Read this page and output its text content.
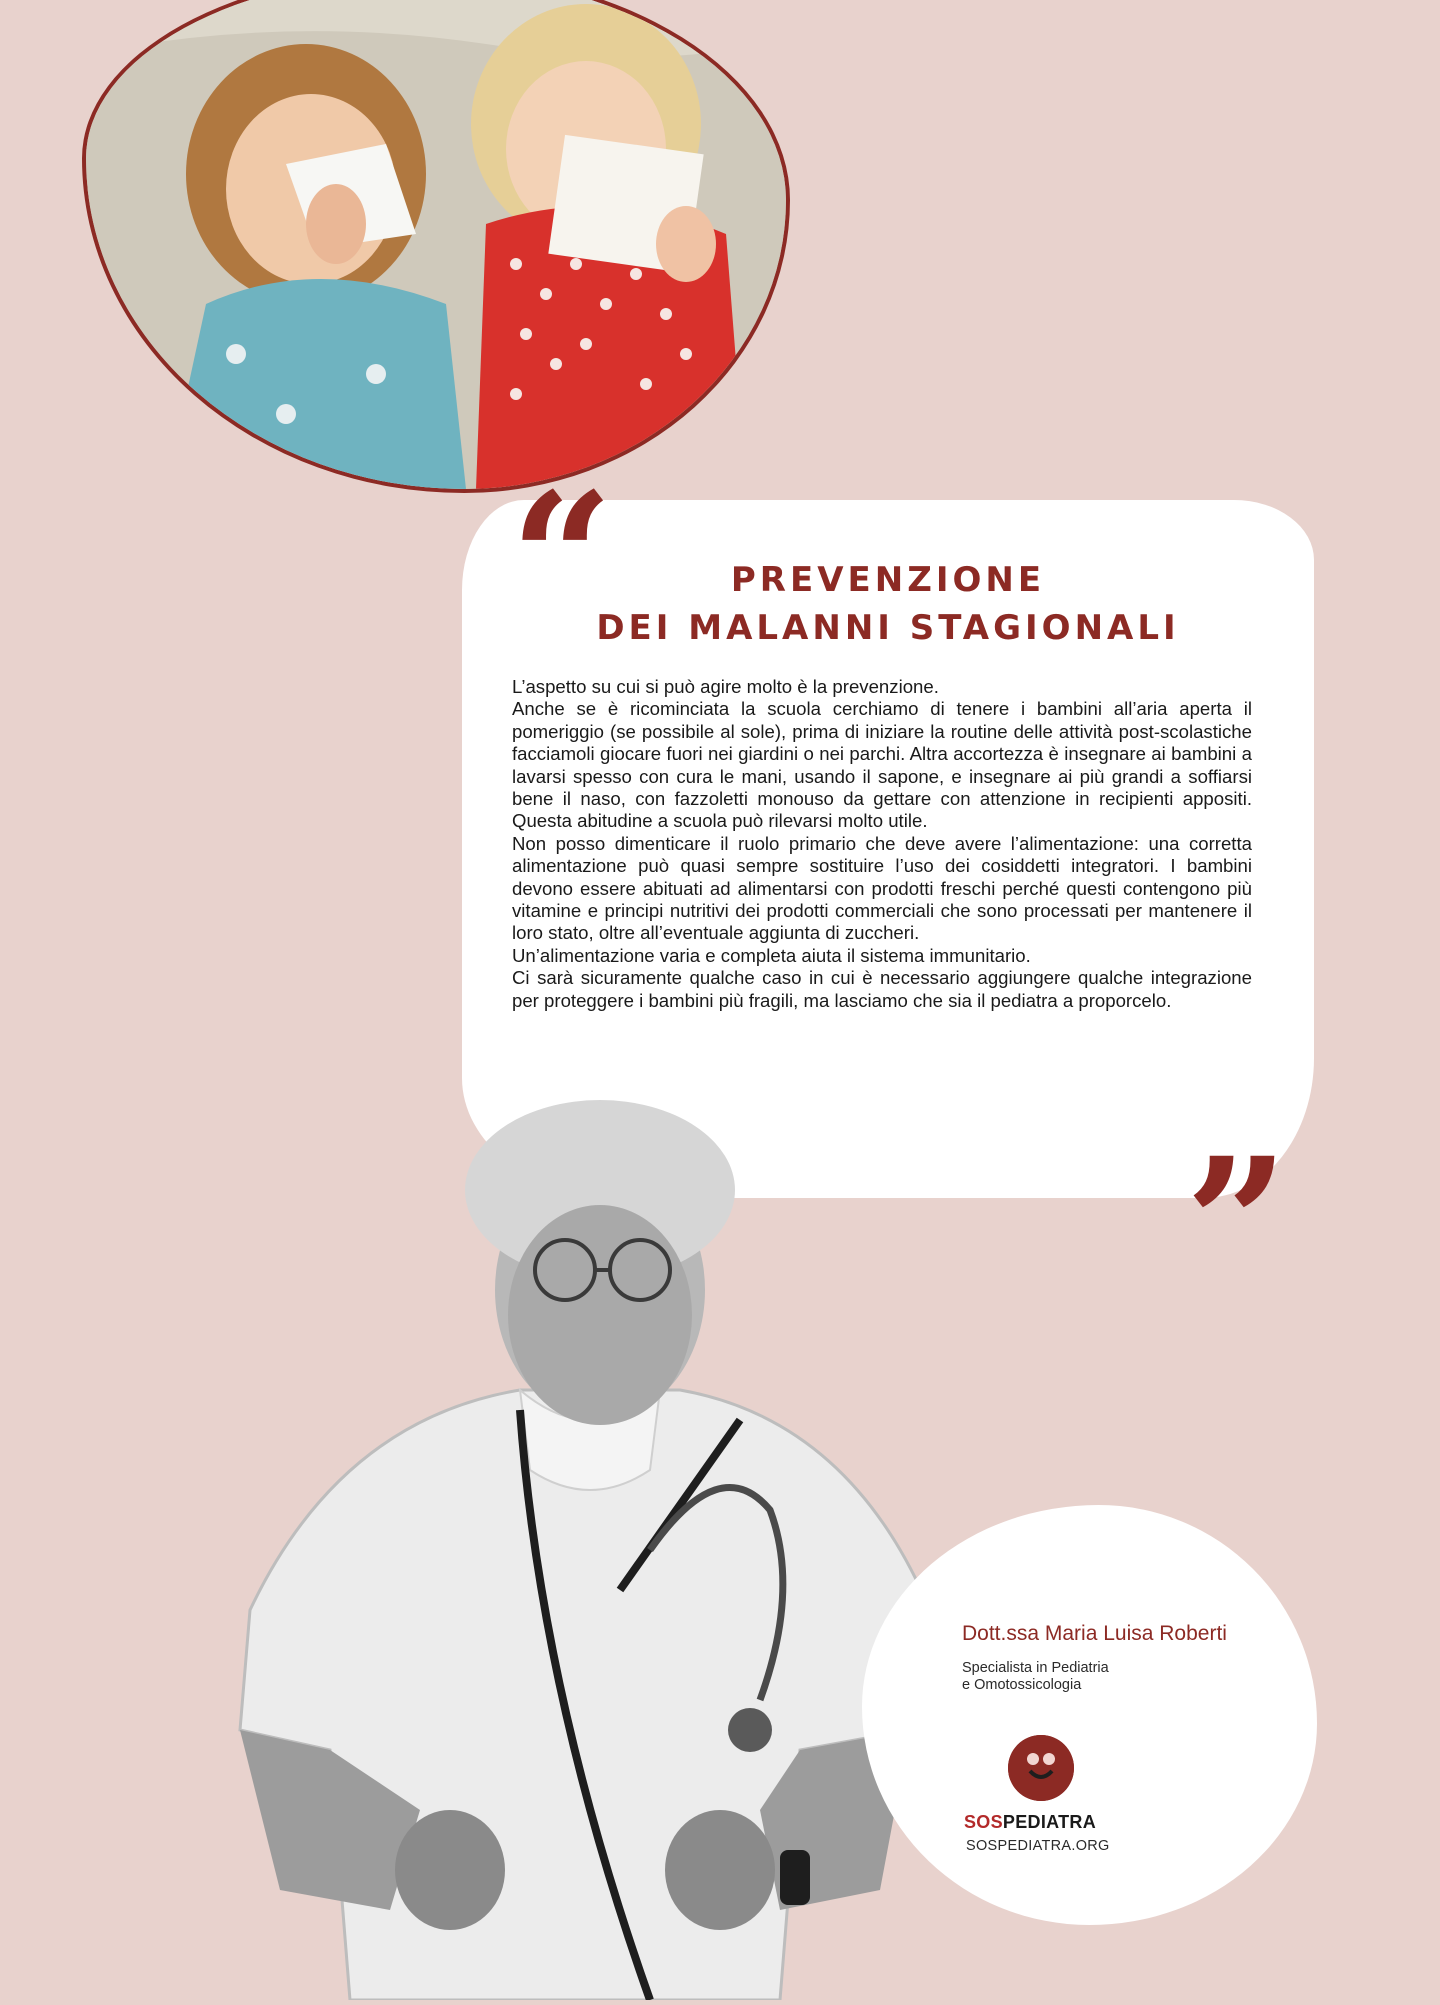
PREVENZIONE
DEI MALANNI STAGIONALI
“
”

L’aspetto su cui si può agire molto è la prevenzione.

Anche se è ricominciata la scuola cerchiamo di tenere i bambini all’aria aperta il pomeriggio (se possibile al sole), prima di iniziare la routine delle attività post-scolastiche facciamoli giocare fuori nei giardini o nei parchi. Altra accortezza è insegnare ai bambini a lavarsi spesso con cura le mani, usando il sapone, e insegnare ai più grandi a soffiarsi bene il naso, con fazzoletti monouso da gettare con attenzione in recipienti appositi. Questa abitudine a scuola può rilevarsi molto utile.

Non posso dimenticare il ruolo primario che deve avere l’alimentazione: una corretta alimentazione può quasi sempre sostituire l’uso dei cosiddetti integratori. I bambini devono essere abituati ad alimentarsi con prodotti freschi perché questi contengono più vitamine e principi nutritivi dei prodotti commerciali che sono processati per mantenere il loro stato, oltre all’eventuale aggiunta di zuccheri.

Un’alimentazione varia e completa aiuta il sistema immunitario.

Ci sarà sicuramente qualche caso in cui è necessario aggiungere qualche integrazione per proteggere i bambini più fragili, ma lasciamo che sia il pediatra a proporcelo.

Dott.ssa Maria Luisa Roberti
Specialista in Pediatria
e Omotossicologia
SOSPEDIATRA
SOSPEDIATRA.ORG
